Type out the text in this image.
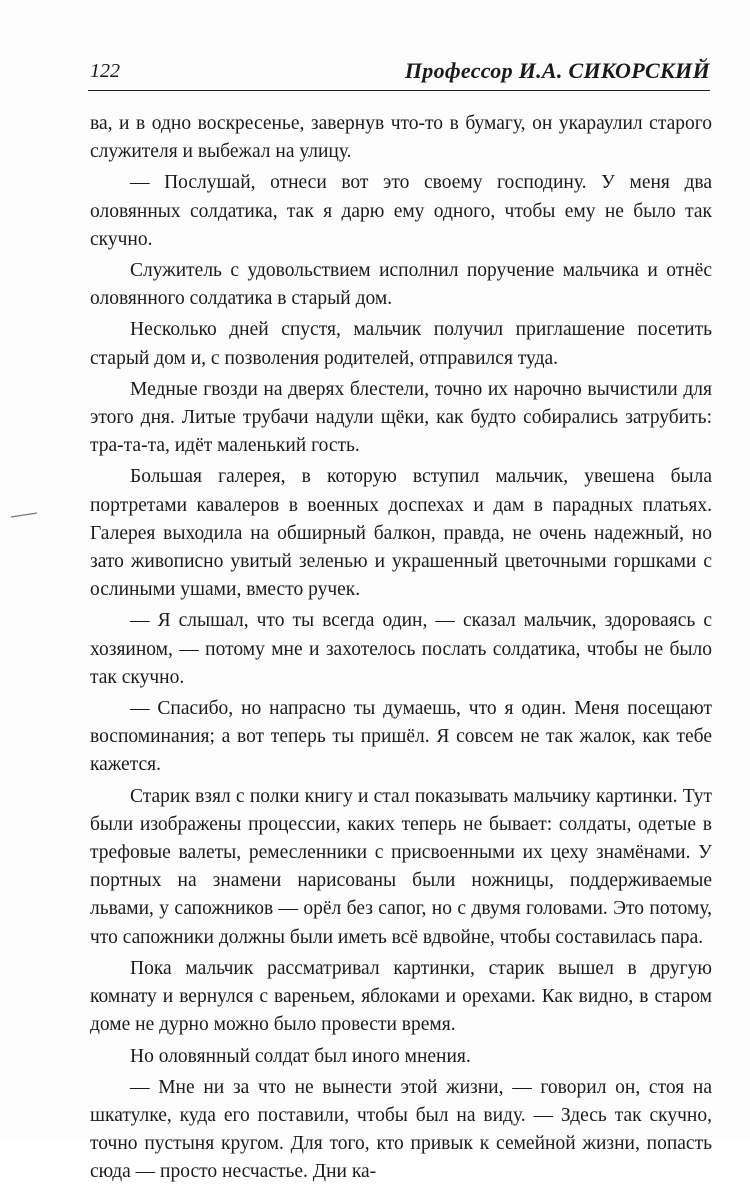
122	Профессор И.А. СИКОРСКИЙ

ва, и в одно воскресенье, завернув что-то в бумагу, он укараулил старого служителя и выбежал на улицу.

— Послушай, отнеси вот это своему господину. У меня два оловянных солдатика, так я дарю ему одного, чтобы ему не было так скучно.

Служитель с удовольствием исполнил поручение мальчика и отнёс оловянного солдатика в старый дом.

Несколько дней спустя, мальчик получил приглашение посетить старый дом и, с позволения родителей, отправился туда.

Медные гвозди на дверях блестели, точно их нарочно вычистили для этого дня. Литые трубачи надули щёки, как будто собирались затрубить: тра-та-та, идёт маленький гость.

Большая галерея, в которую вступил мальчик, увешена была портретами кавалеров в военных доспехах и дам в парадных платьях. Галерея выходила на обширный балкон, правда, не очень надежный, но зато живописно увитый зеленью и украшенный цветочными горшками с ослиными ушами, вместо ручек.

— Я слышал, что ты всегда один, — сказал мальчик, здороваясь с хозяином, — потому мне и захотелось послать солдатика, чтобы не было так скучно.

— Спасибо, но напрасно ты думаешь, что я один. Меня посещают воспоминания; а вот теперь ты пришёл. Я совсем не так жалок, как тебе кажется.

Старик взял с полки книгу и стал показывать мальчику картинки. Тут были изображены процессии, каких теперь не бывает: солдаты, одетые в трефовые валеты, ремесленники с присвоенными их цеху знамёнами. У портных на знамени нарисованы были ножницы, поддерживаемые львами, у сапожников — орёл без сапог, но с двумя головами. Это потому, что сапожники должны были иметь всё вдвойне, чтобы составилась пара.

Пока мальчик рассматривал картинки, старик вышел в другую комнату и вернулся с вареньем, яблоками и орехами. Как видно, в старом доме не дурно можно было провести время.

Но оловянный солдат был иного мнения.

— Мне ни за что не вынести этой жизни, — говорил он, стоя на шкатулке, куда его поставили, чтобы был на виду. — Здесь так скучно, точно пустыня кругом. Для того, кто привык к семейной жизни, попасть сюда — просто несчастье. Дни ка-
